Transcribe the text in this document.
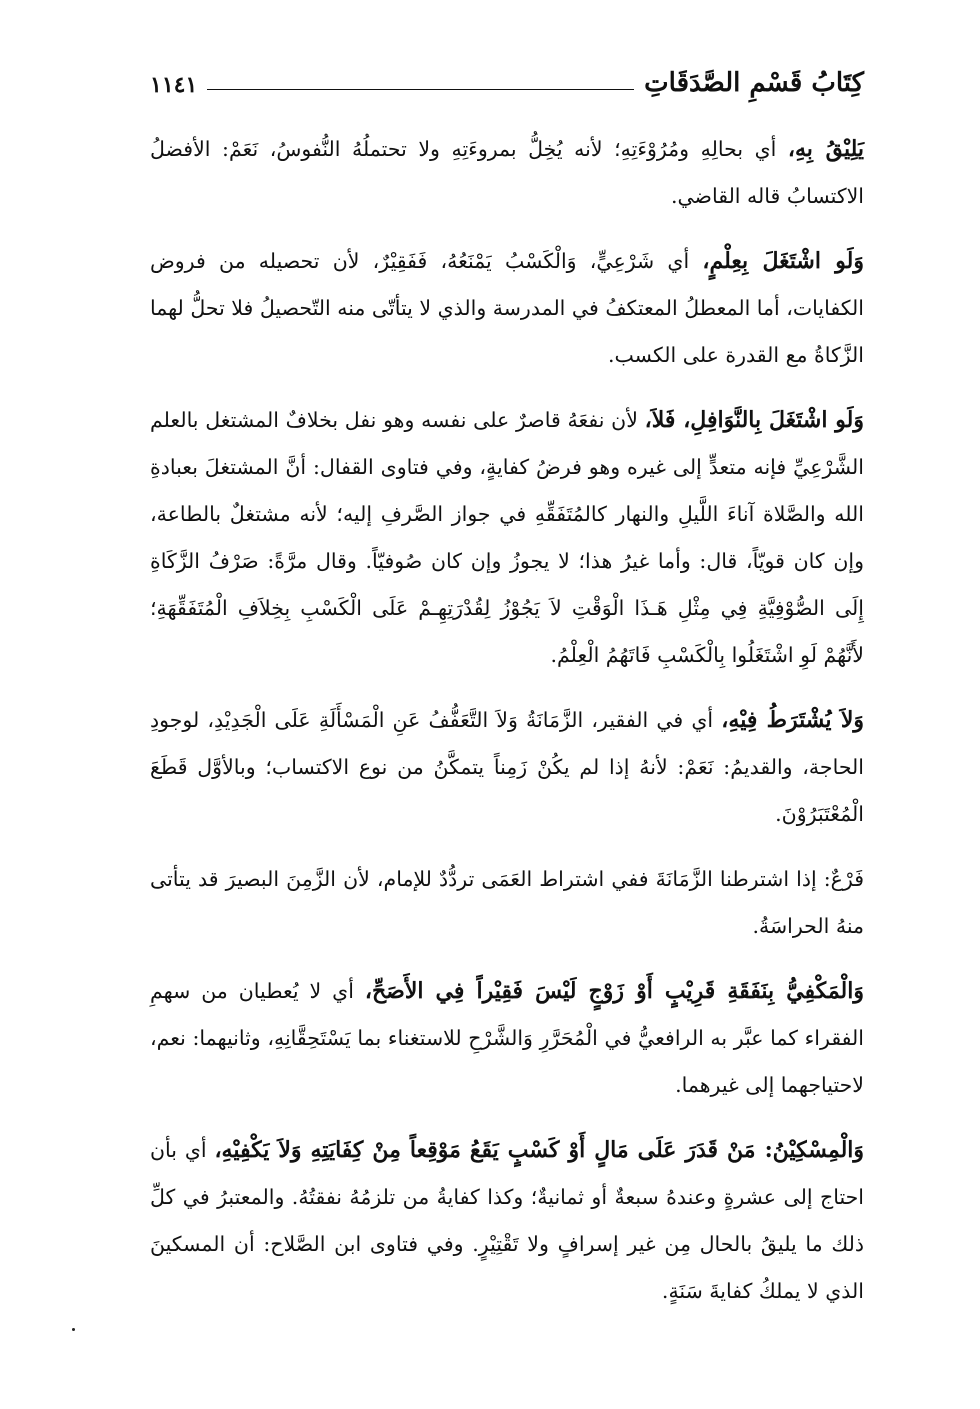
كِتَابُ قَسْمِ الصَّدَقَاتِ
١١٤١

يَلِيْقُ بِهِ، أي بحالِهِ ومُرُوْءَتِهِ؛ لأنه يُخِلُّ بمروءَتِهِ ولا تحتملُهُ النُّفوسُ، نَعَمْ: الأفضلُ الاكتسابُ قاله القاضي.

وَلَو اشْتَغَلَ بِعِلْمٍ، أي شَرْعِيٍّ، وَالْكَسْبُ يَمْنَعُهُ، فَفَقِيْرٌ، لأن تحصيله من فروض الكفايات، أما المعطلُ المعتكفُ في المدرسة والذي لا يتأتّى منه التّحصيلُ فلا تحلُّ لهما الزَّكاةُ مع القدرة على الكسب.

وَلَو اشْتَغَلَ بِالنَّوَافِلِ، فَلاَ، لأن نفعَهُ قاصرٌ على نفسه وهو نفل بخلافٌ المشتغل بالعلم الشَّرْعِيِّ فإنه متعدٍّ إلى غيره وهو فرضُ كفايةٍ، وفي فتاوى القفال: أنَّ المشتغلَ بعبادةِ الله والصَّلاة آناءَ اللَّيلِ والنهار كالمُتَفَقِّهِ في جواز الصَّرفِ إليه؛ لأنه مشتغلٌ بالطاعة، وإن كان قويّاً، قال: وأما غيرُ هذا؛ لا يجوزُ وإن كان صُوفيّاً. وقال مرَّةً: صَرْفُ الزَّكَاةِ إِلَى الصُّوْفِيَّةِ فِي مِثْلِ هَـذَا الْوَقْتِ لاَ يَجُوْزُ لِقُدْرَتِهِـمْ عَلَى الْكَسْبِ بِخِلاَفِ الْمُتَفَقِّهَةِ؛ لأَنَّهُمْ لَوِ اشْتَغَلُوا بِالْكَسْبِ فَاتَهُمُ الْعِلْمُ.

وَلاَ يُشْتَرَطُ فِيْهِ، أي في الفقير، الزَّمَانَةُ وَلاَ التَّعَفُّفُ عَنِ الْمَسْأَلَةِ عَلَى الْجَدِيْدِ، لوجودِ الحاجة، والقديمُ: نَعَمْ: لأنهُ إذا لم يكُنْ زَمِناً يتمكَّنُ من نوع الاكتساب؛ وبالأوَّل قَطَعَ الْمُعْتَبَرُوْنَ.

فَرْعٌ: إذا اشترطنا الزَّمَانَةَ ففي اشتراط العَمَى تردُّدٌ للإمام، لأن الزَّمِنَ البصيرَ قد يتأتى منهُ الحراسَةُ.

وَالْمَكْفِيُّ بِنَفَقَةِ قَرِيْبٍ أَوْ زَوْجٍ لَيْسَ فَقِيْراً فِي الأَصَحِّ، أي لا يُعطيان من سهمِ الفقراء كما عبَّر به الرافعيُّ في الْمُحَرَّرِ وَالشَّرْحِ للاستغناء بما يَسْتَحِقَّانِهِ، وثانيهما: نعم، لاحتياجهما إلى غيرهما.

وَالْمِسْكِيْنُ: مَنْ قَدَرَ عَلَى مَالٍ أَوْ كَسْبٍ يَقَعُ مَوْقِعاً مِنْ كِفَايَتِهِ وَلاَ يَكْفِيْهِ، أي بأن احتاج إلى عشرةٍ وعندهُ سبعةٌ أو ثمانيةٌ؛ وكذا كفايةُ من تلزمُهُ نفقتُهُ. والمعتبرُ في كلِّ ذلك ما يليقُ بالحال مِن غير إسرافٍ ولا تَقْتِيْرٍ. وفي فتاوى ابن الصَّلاح: أن المسكينَ الذي لا يملكُ كفايةَ سَنَةٍ.
